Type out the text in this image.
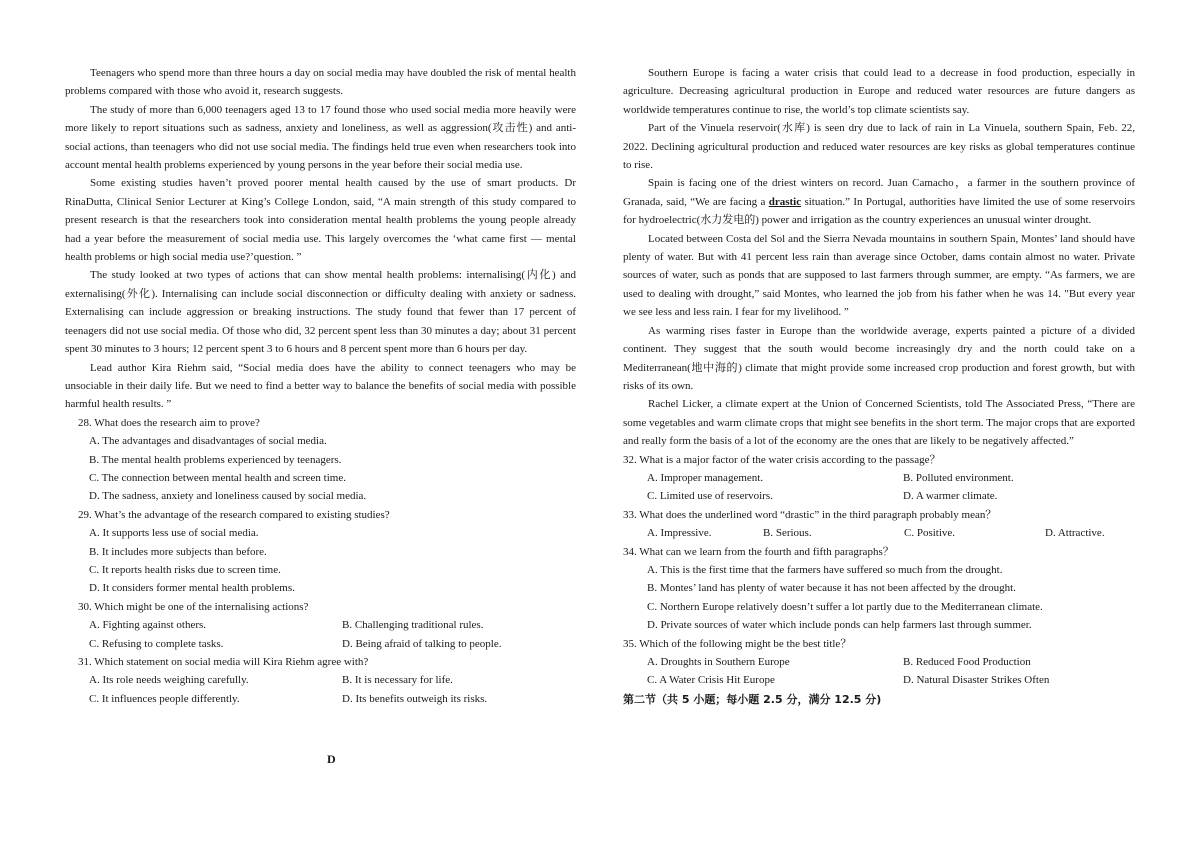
Teenagers who spend more than three hours a day on social media may have doubled the risk of mental health problems compared with those who avoid it, research suggests.

The study of more than 6,000 teenagers aged 13 to 17 found those who used social media more heavily were more likely to report situations such as sadness, anxiety and loneliness, as well as aggression(攻击性) and anti-social actions, than teenagers who did not use social media. The findings held true even when researchers took into account mental health problems experienced by young persons in the year before their social media use.

Some existing studies haven’t proved poorer mental health caused by the use of smart products. Dr RinaDutta, Clinical Senior Lecturer at King’s College London, said, “A main strength of this study compared to present research is that the researchers took into consideration mental health problems the young people already had a year before the measurement of social media use. This largely overcomes the ‘what came first — mental health problems or high social media use?’question. ”

The study looked at two types of actions that can show mental health problems: internalising(内化) and externalising(外化). Internalising can include social disconnection or difficulty dealing with anxiety or sadness. Externalising can include aggression or breaking instructions. The study found that fewer than 17 percent of teenagers did not use social media. Of those who did, 32 percent spent less than 30 minutes a day; about 31 percent spent 30 minutes to 3 hours; 12 percent spent 3 to 6 hours and 8 percent spent more than 6 hours per day.

Lead author Kira Riehm said, “Social media does have the ability to connect teenagers who may be unsociable in their daily life. But we need to find a better way to balance the benefits of social media with possible harmful health results. ”

28. What does the research aim to prove?
A. The advantages and disadvantages of social media.
B. The mental health problems experienced by teenagers.
C. The connection between mental health and screen time.
D. The sadness, anxiety and loneliness caused by social media.
29. What’s the advantage of the research compared to existing studies?
A. It supports less use of social media.
B. It includes more subjects than before.
C. It reports health risks due to screen time.
D. It considers former mental health problems.
30. Which might be one of the internalising actions?
A. Fighting against others.	B. Challenging traditional rules.
C. Refusing to complete tasks.	D. Being afraid of talking to people.
31. Which statement on social media will Kira Riehm agree with?
A. Its role needs weighing carefully.	B. It is necessary for life.
C. It influences people differently.	D. Its benefits outweigh its risks.
D

Southern Europe is facing a water crisis that could lead to a decrease in food production, especially in agriculture. Decreasing agricultural production in Europe and reduced water resources are future dangers as worldwide temperatures continue to rise, the world’s top climate scientists say.

Part of the Vinuela reservoir(水库) is seen dry due to lack of rain in La Vinuela, southern Spain, Feb. 22, 2022. Declining agricultural production and reduced water resources are key risks as global temperatures continue to rise.

Spain is facing one of the driest winters on record. Juan Camacho，a farmer in the southern province of Granada, said, “We are facing a drastic situation.” In Portugal, authorities have limited the use of some reservoirs for hydroelectric(水力发电的) power and irrigation as the country experiences an unusual winter drought.

Located between Costa del Sol and the Sierra Nevada mountains in southern Spain, Montes’ land should have plenty of water. But with 41 percent less rain than average since October, dams contain almost no water. Private sources of water, such as ponds that are supposed to last farmers through summer, are empty. “As farmers, we are used to dealing with drought,” said Montes, who learned the job from his father when he was 14. "But every year we see less and less rain. I fear for my livelihood. ”

As warming rises faster in Europe than the worldwide average, experts painted a picture of a divided continent. They suggest that the south would become increasingly dry and the north could take on a Mediterranean(地中海的) climate that might provide some increased crop production and forest growth, but with risks of its own.

Rachel Licker, a climate expert at the Union of Concerned Scientists, told The Associated Press, “There are some vegetables and warm climate crops that might see benefits in the short term. The major crops that are exported and really form the basis of a lot of the economy are the ones that are likely to be negatively affected.”

32. What is a major factor of the water crisis according to the passage？
A. Improper management.	B. Polluted environment.
C. Limited use of reservoirs.	D. A warmer climate.
33. What does the underlined word “drastic” in the third paragraph probably mean？
A. Impressive.	B. Serious.	C. Positive.	D. Attractive.
34. What can we learn from the fourth and fifth paragraphs？
A. This is the first time that the farmers have suffered so much from the drought.
B. Montes’ land has plenty of water because it has not been affected by the drought.
C. Northern Europe relatively doesn’t suffer a lot partly due to the Mediterranean climate.
D. Private sources of water which include ponds can help farmers last through summer.
35. Which of the following might be the best title？
A. Droughts in Southern Europe	B. Reduced Food Production
C. A Water Crisis Hit Europe	D. Natural Disaster Strikes Often
第二节（共 5 小题；每小题 2.5 分，满分 12.5 分)
